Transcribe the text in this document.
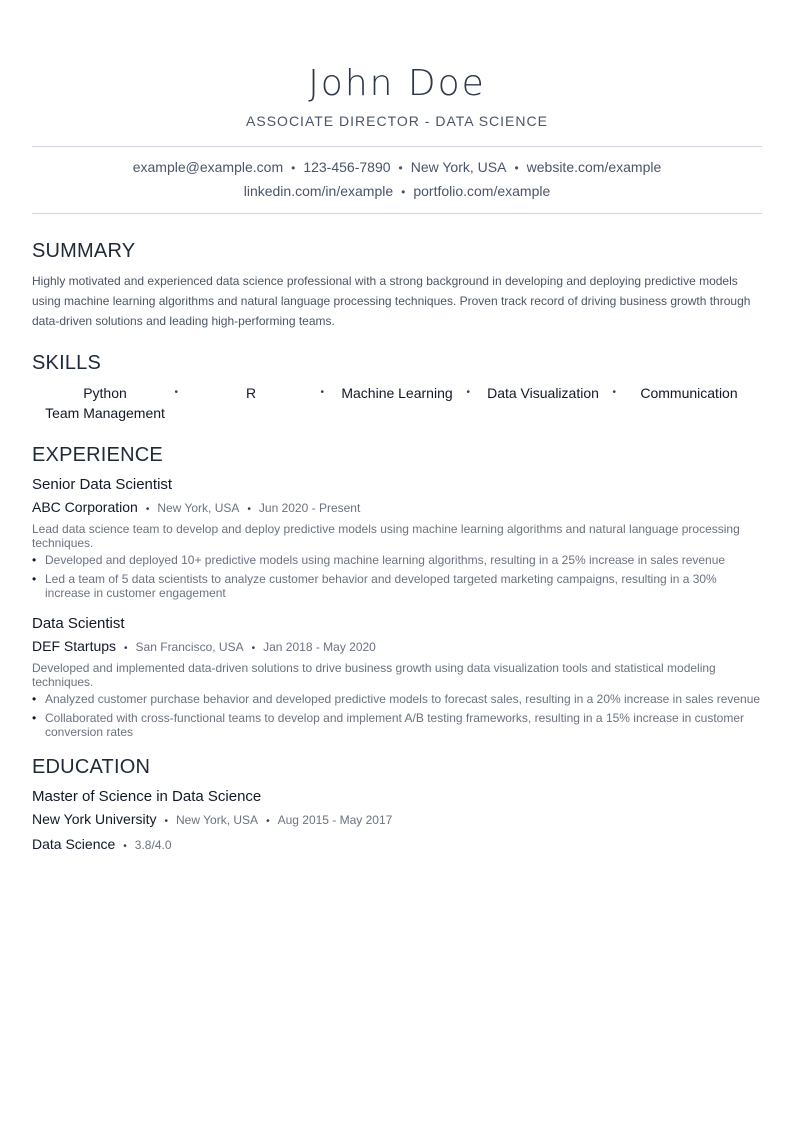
John Doe
ASSOCIATE DIRECTOR - DATA SCIENCE
example@example.com • 123-456-7890 • New York, USA • website.com/example
linkedin.com/in/example • portfolio.com/example
SUMMARY

Highly motivated and experienced data science professional with a strong background in developing and deploying predictive models using machine learning algorithms and natural language processing techniques. Proven track record of driving business growth through data-driven solutions and leading high-performing teams.

SKILLS
Python	•	R	•	Machine Learning •	Data Visualization •	Communication
Team Management
EXPERIENCE
Senior Data Scientist
ABC Corporation • New York, USA • Jun 2020 - Present
Lead data science team to develop and deploy predictive models using machine learning algorithms and natural language processing techniques.
• Developed and deployed 10+ predictive models using machine learning algorithms, resulting in a 25% increase in sales revenue
• Led a team of 5 data scientists to analyze customer behavior and developed targeted marketing campaigns, resulting in a 30% increase in customer engagement
Data Scientist
DEF Startups • San Francisco, USA • Jan 2018 - May 2020
Developed and implemented data-driven solutions to drive business growth using data visualization tools and statistical modeling techniques.
• Analyzed customer purchase behavior and developed predictive models to forecast sales, resulting in a 20% increase in sales revenue
• Collaborated with cross-functional teams to develop and implement A/B testing frameworks, resulting in a 15% increase in customer conversion rates
EDUCATION
Master of Science in Data Science
New York University • New York, USA • Aug 2015 - May 2017
Data Science • 3.8/4.0
